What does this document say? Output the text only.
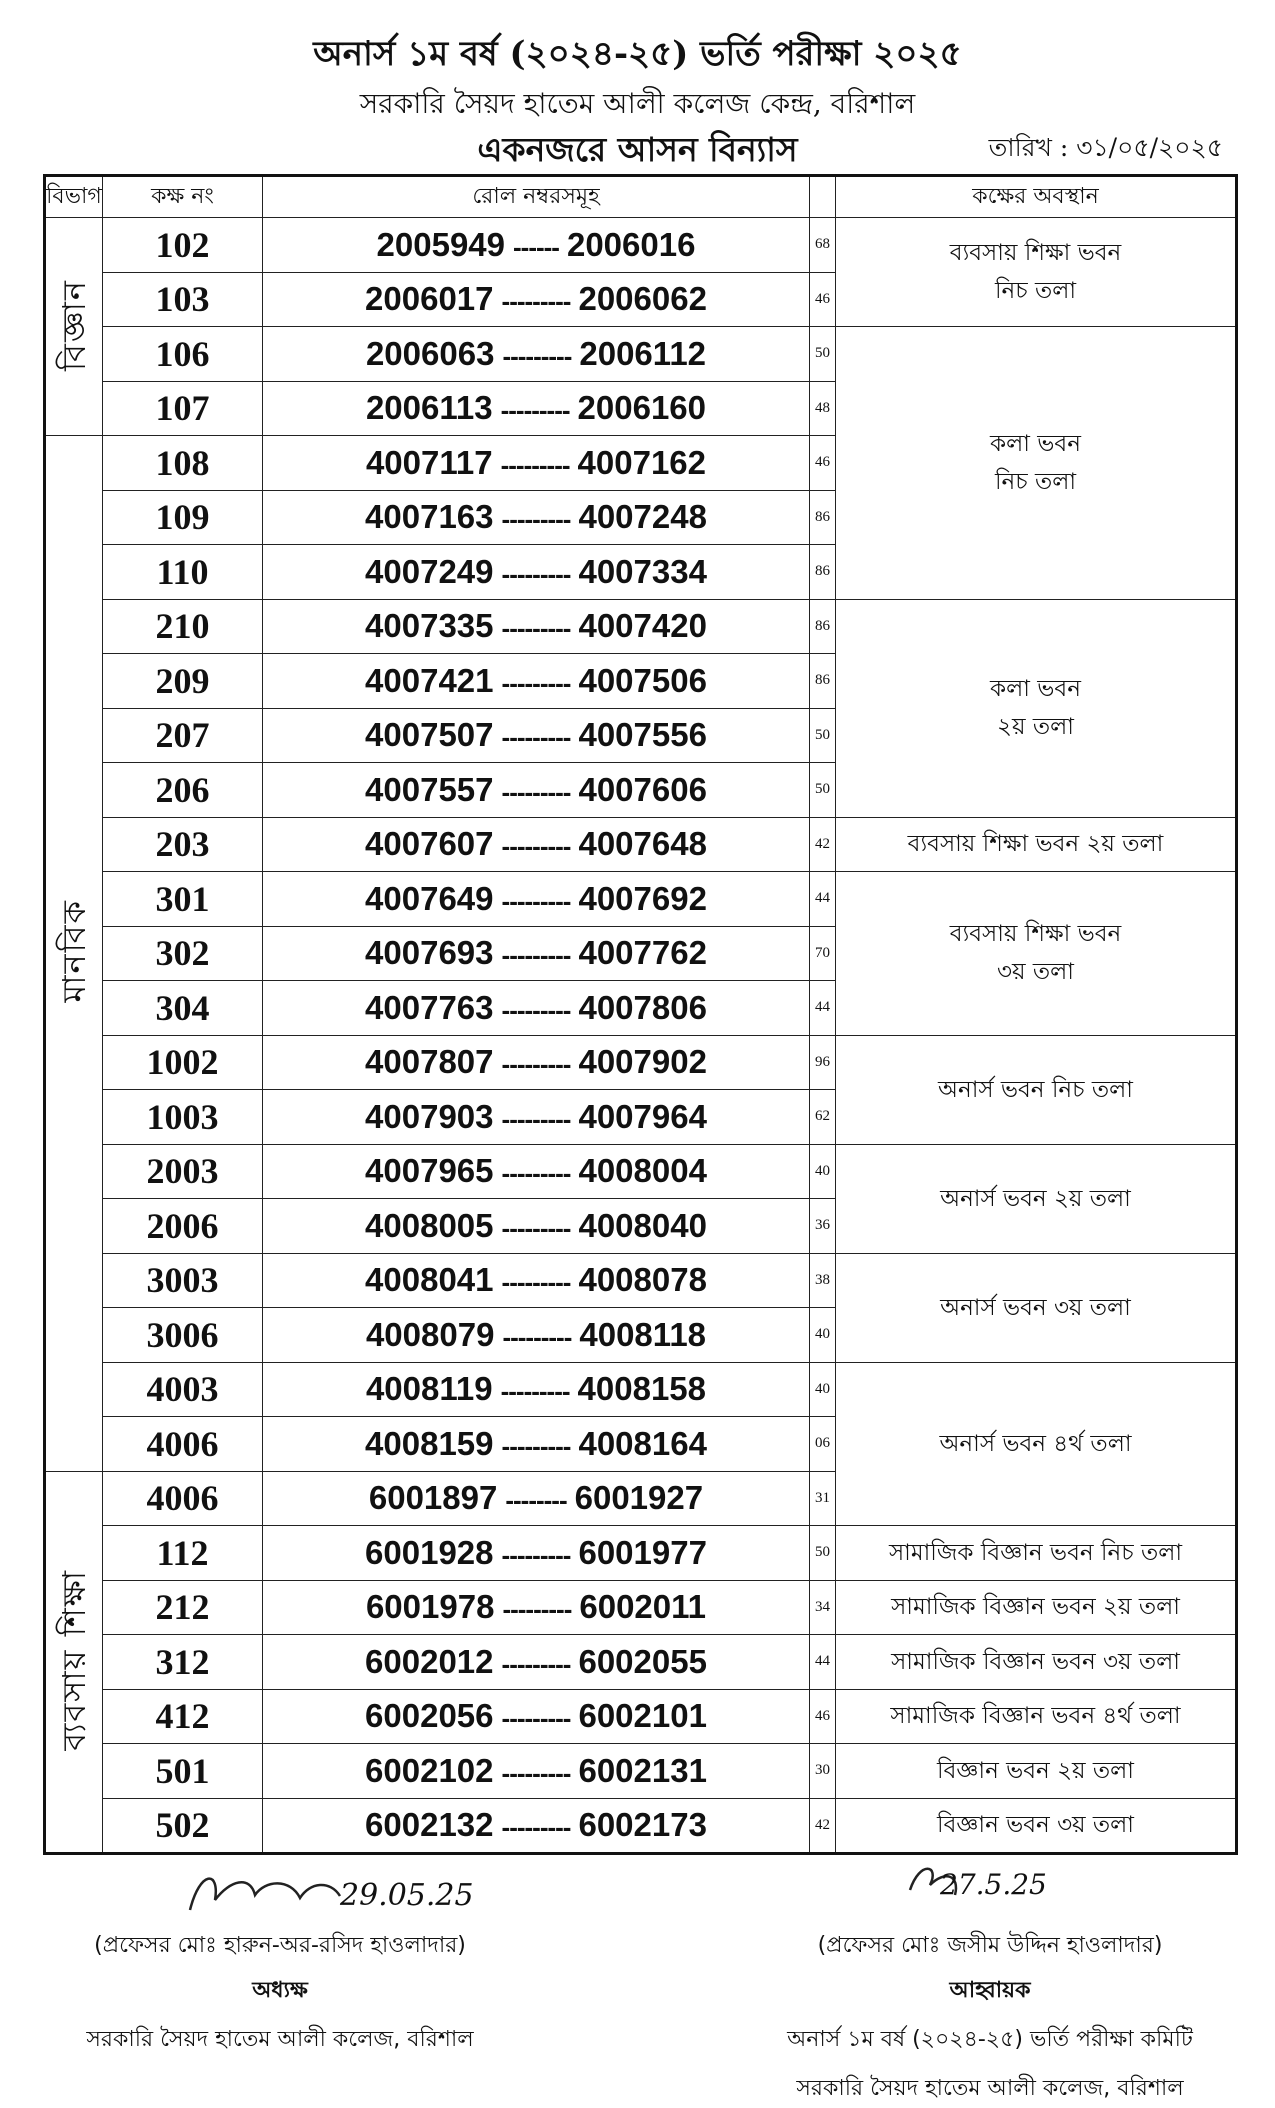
অনার্স ১ম বর্ষ (২০২৪-২৫) ভর্তি পরীক্ষা ২০২৫
সরকারি সৈয়দ হাতেম আলী কলেজ কেন্দ্র, বরিশাল
একনজরে আসন বিন্যাস	তারিখ : ৩১/০৫/২০২৫
বিভাগ	কক্ষ নং	রোল নম্বরসমূহ		কক্ষের অবস্থান
বিজ্ঞান	102	2005949 ------ 2006016	68	ব্যবসায় শিক্ষা ভবন
নিচ তলা

	103	2006017 --------- 2006062	46	
	106	2006063 --------- 2006112	50	কলা ভবন
নিচ তলা

	107	2006113 --------- 2006160	48	
মানবিক	108	4007117 --------- 4007162	46	
	109	4007163 --------- 4007248	86	
	110	4007249 --------- 4007334	86	
	210	4007335 --------- 4007420	86	কলা ভবন
২য় তলা

	209	4007421 --------- 4007506	86	
	207	4007507 --------- 4007556	50	
	206	4007557 --------- 4007606	50	
	203	4007607 --------- 4007648	42	ব্যবসায় শিক্ষা ভবন ২য় তলা

	301	4007649 --------- 4007692	44	ব্যবসায় শিক্ষা ভবন
৩য় তলা

	302	4007693 --------- 4007762	70	
	304	4007763 --------- 4007806	44	
	1002	4007807 --------- 4007902	96	অনার্স ভবন নিচ তলা

	1003	4007903 --------- 4007964	62	
	2003	4007965 --------- 4008004	40	অনার্স ভবন ২য় তলা

	2006	4008005 --------- 4008040	36	
	3003	4008041 --------- 4008078	38	অনার্স ভবন ৩য় তলা

	3006	4008079 --------- 4008118	40	
	4003	4008119 --------- 4008158	40	অনার্স ভবন ৪র্থ তলা

	4006	4008159 --------- 4008164	06	
ব্যবসায় শিক্ষা	4006	6001897 -------- 6001927	31	
	112	6001928 --------- 6001977	50	সামাজিক বিজ্ঞান ভবন নিচ তলা

	212	6001978 --------- 6002011	34	সামাজিক বিজ্ঞান ভবন ২য় তলা

	312	6002012 --------- 6002055	44	সামাজিক বিজ্ঞান ভবন ৩য় তলা

	412	6002056 --------- 6002101	46	সামাজিক বিজ্ঞান ভবন ৪র্থ তলা

	501	6002102 --------- 6002131	30	বিজ্ঞান ভবন ২য় তলা

	502	6002132 --------- 6002173	42	বিজ্ঞান ভবন ৩য় তলা
29.05.25
(প্রফেসর মোঃ হারুন-অর-রসিদ হাওলাদার)
অধ্যক্ষ
সরকারি সৈয়দ হাতেম আলী কলেজ, বরিশাল
27.5.25
(প্রফেসর মোঃ জসীম উদ্দিন হাওলাদার)
আহ্বায়ক
অনার্স ১ম বর্ষ (২০২৪-২৫) ভর্তি পরীক্ষা কমিটি
সরকারি সৈয়দ হাতেম আলী কলেজ, বরিশাল
